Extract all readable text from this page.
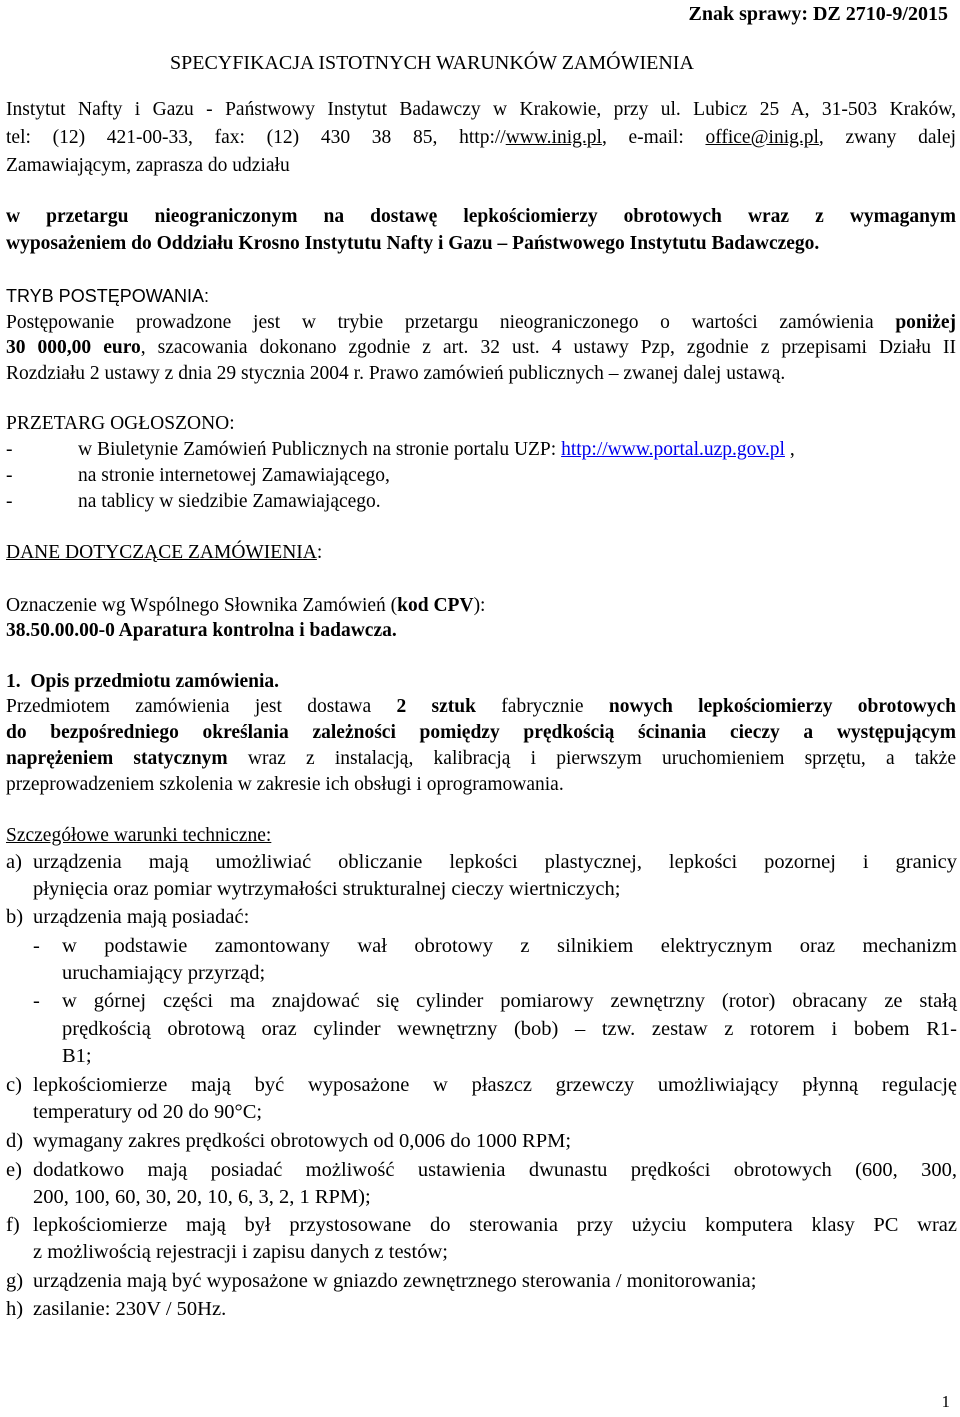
Znak sprawy: DZ 2710-9/2015
SPECYFIKACJA ISTOTNYCH WARUNKÓW ZAMÓWIENIA
Instytut Nafty i Gazu - Państwowy Instytut Badawczy w Krakowie, przy ul. Lubicz 25 A, 31-503 Kraków,
tel: (12) 421-00-33, fax: (12) 430 38 85, http://www.inig.pl, e-mail: office@inig.pl, zwany dalej
Zamawiającym, zaprasza do udziału
w przetargu nieograniczonym na dostawę lepkościomierzy obrotowych wraz z wymaganym
wyposażeniem do Oddziału Krosno Instytutu Nafty i Gazu – Państwowego Instytutu Badawczego.
TRYB POSTĘPOWANIA:
Postępowanie prowadzone jest w trybie przetargu nieograniczonego o wartości zamówienia poniżej
30 000,00 euro, szacowania dokonano zgodnie z art. 32 ust. 4 ustawy Pzp, zgodnie z przepisami Działu II
Rozdziału 2 ustawy z dnia 29 stycznia 2004 r. Prawo zamówień publicznych – zwanej dalej ustawą.
PRZETARG OGŁOSZONO:
-	w Biuletynie Zamówień Publicznych na stronie portalu UZP: http://www.portal.uzp.gov.pl ,
-	na stronie internetowej Zamawiającego,
-	na tablicy w siedzibie Zamawiającego.
DANE DOTYCZĄCE ZAMÓWIENIA:
Oznaczenie wg Wspólnego Słownika Zamówień (kod CPV):
38.50.00.00-0 Aparatura kontrolna i badawcza.
1.  Opis przedmiotu zamówienia.
Przedmiotem zamówienia jest dostawa 2 sztuk fabrycznie nowych lepkościomierzy obrotowych
do bezpośredniego określania zależności pomiędzy prędkością ścinania cieczy a występującym
naprężeniem statycznym wraz z instalacją, kalibracją i pierwszym uruchomieniem sprzętu, a także
przeprowadzeniem szkolenia w zakresie ich obsługi i oprogramowania.
Szczegółowe warunki techniczne:
a) urządzenia mają umożliwiać obliczanie lepkości plastycznej, lepkości pozornej i granicy
płynięcia oraz pomiar wytrzymałości strukturalnej cieczy wiertniczych;
b) urządzenia mają posiadać:
- w podstawie zamontowany wał obrotowy z silnikiem elektrycznym oraz mechanizm
uruchamiający przyrząd;
- w górnej części ma znajdować się cylinder pomiarowy zewnętrzny (rotor) obracany ze stałą
prędkością obrotową oraz cylinder wewnętrzny (bob) – tzw. zestaw z rotorem i bobem R1-
B1;
c) lepkościomierze mają być wyposażone w płaszcz grzewczy umożliwiający płynną regulację
temperatury od 20 do 90°C;
d) wymagany zakres prędkości obrotowych od 0,006 do 1000 RPM;
e) dodatkowo mają posiadać możliwość ustawienia dwunastu prędkości obrotowych (600, 300,
200, 100, 60, 30, 20, 10, 6, 3, 2, 1 RPM);
f) lepkościomierze mają był przystosowane do sterowania przy użyciu komputera klasy PC wraz
z możliwością rejestracji i zapisu danych z testów;
g) urządzenia mają być wyposażone w gniazdo zewnętrznego sterowania / monitorowania;
h) zasilanie: 230V / 50Hz.
1
